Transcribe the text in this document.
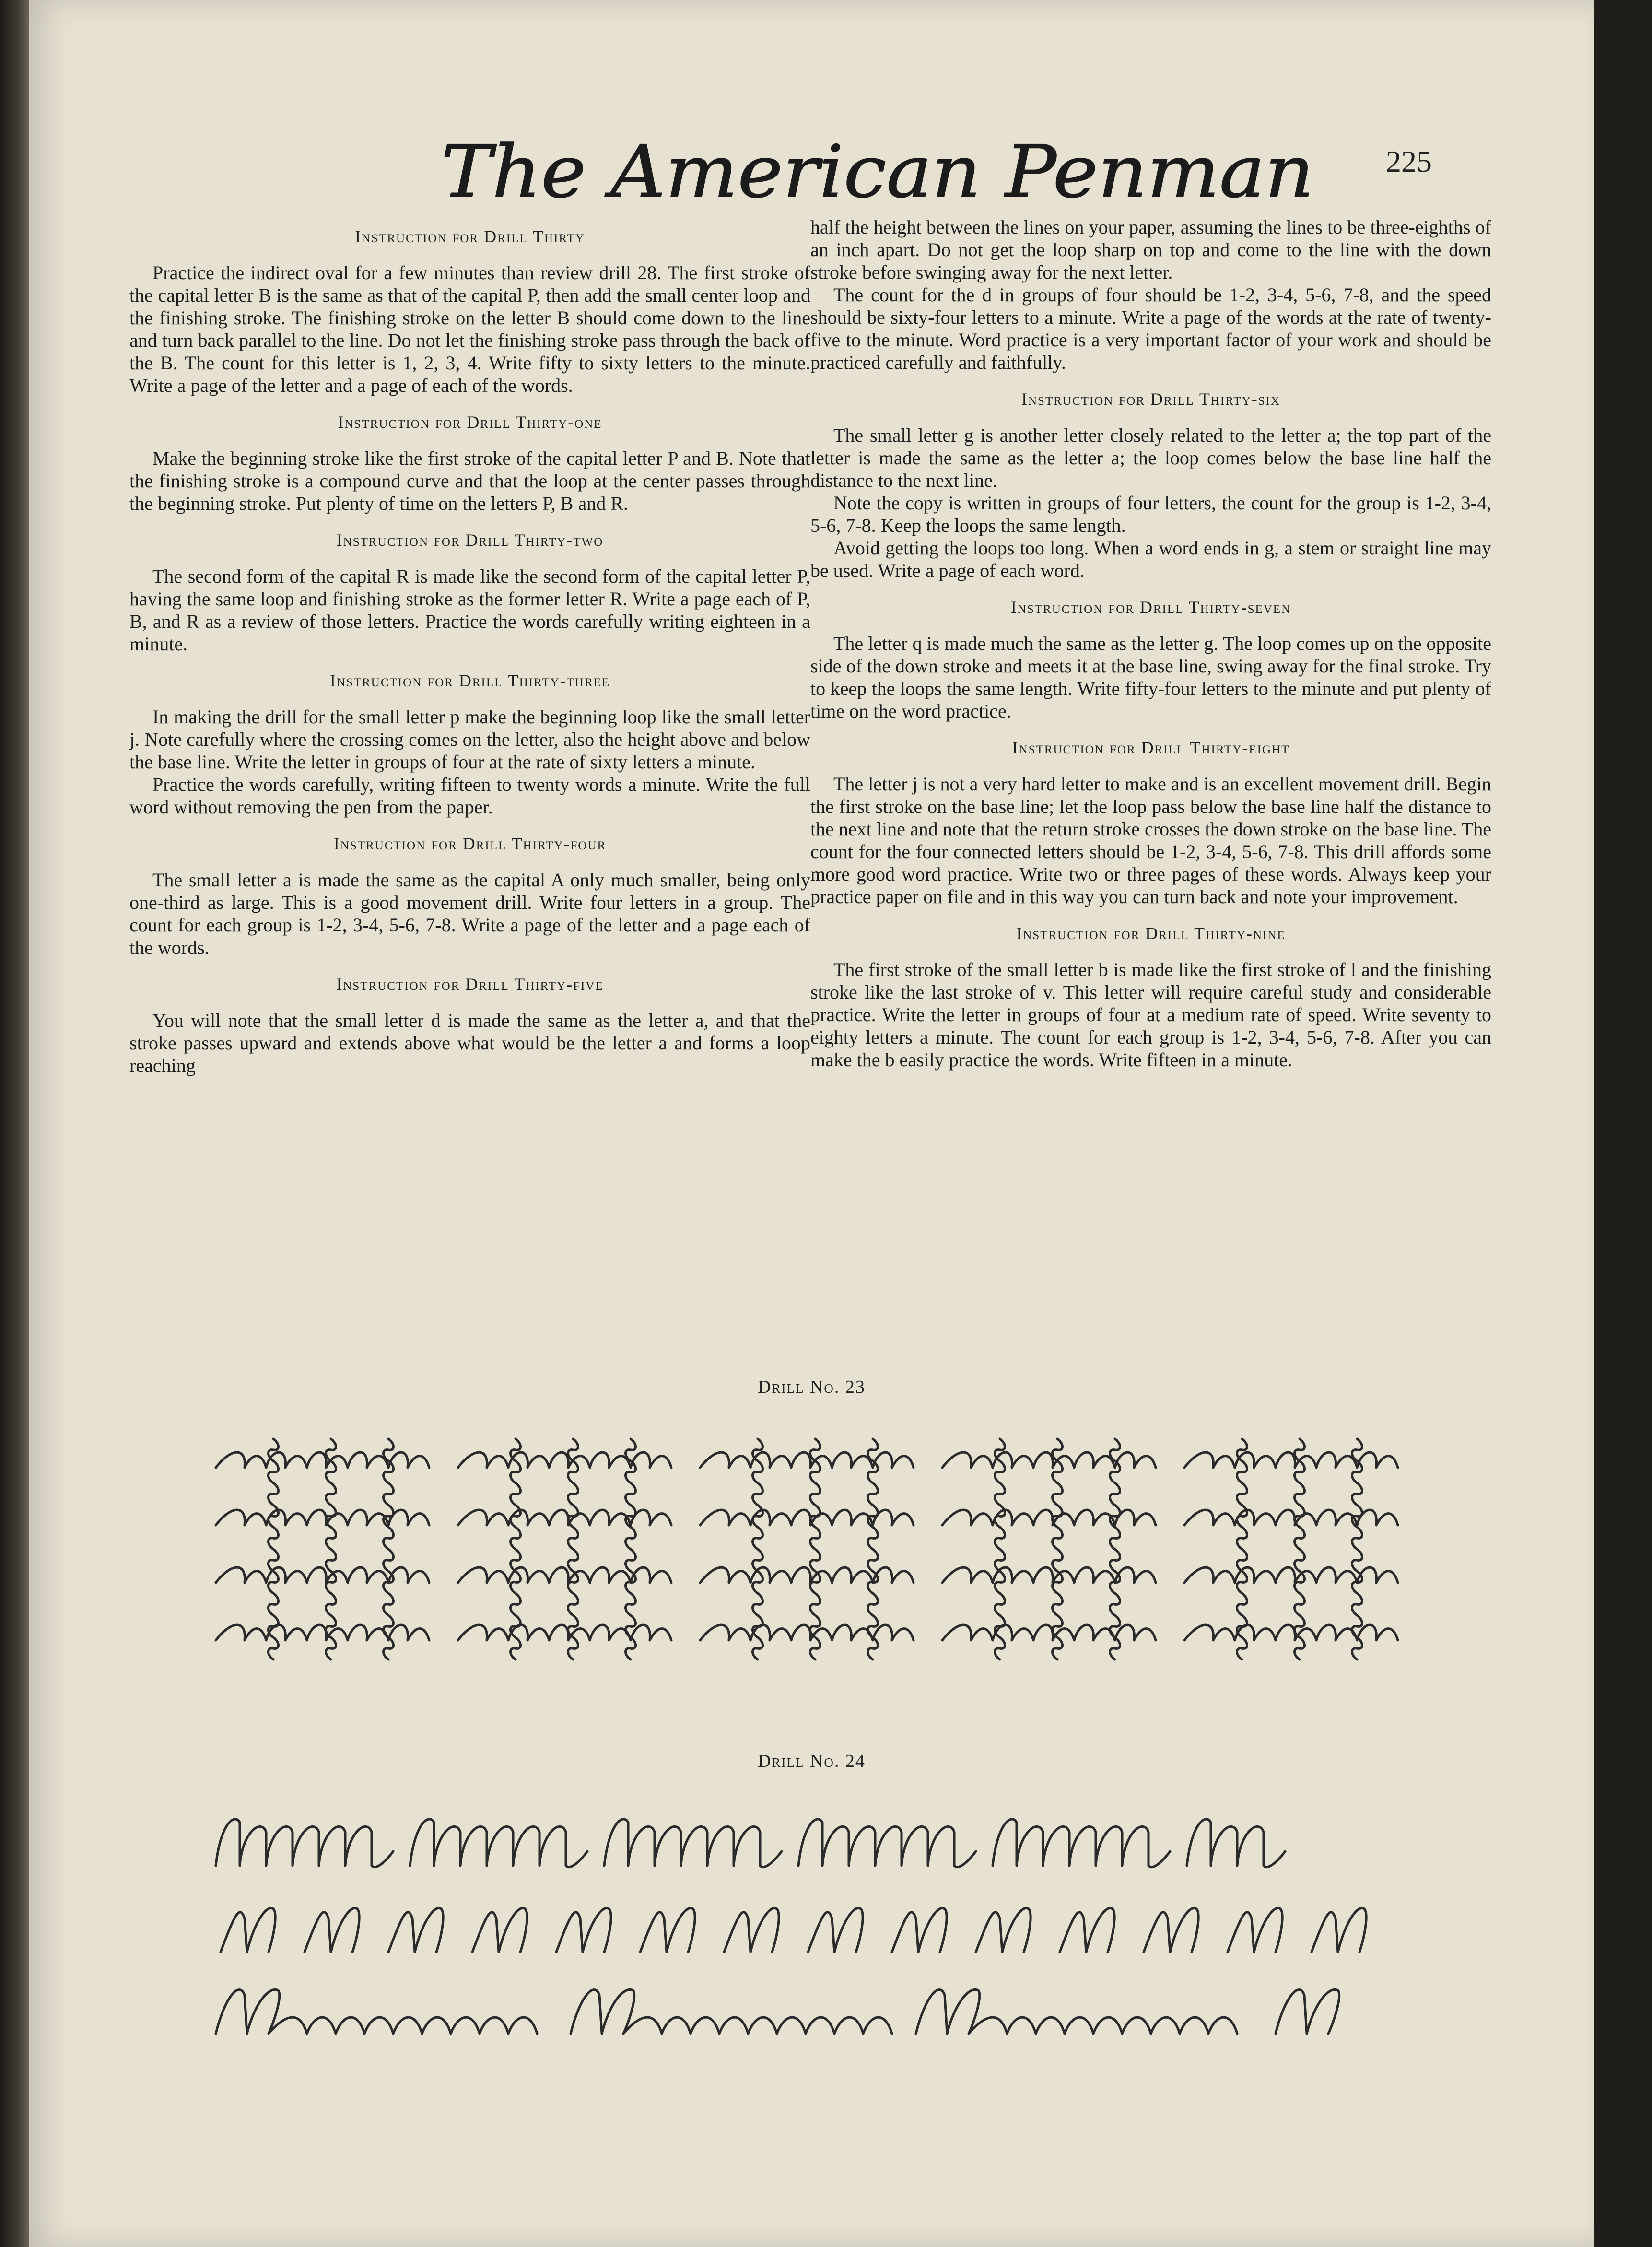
The American Penman 225
Instruction for Drill Thirty

Practice the indirect oval for a few minutes than review drill 28. The first stroke of the capital letter B is the same as that of the capital P, then add the small center loop and the finishing stroke. The finishing stroke on the letter B should come down to the line and turn back parallel to the line. Do not let the finishing stroke pass through the back of the B. The count for this letter is 1, 2, 3, 4. Write fifty to sixty letters to the minute. Write a page of the letter and a page of each of the words.

Instruction for Drill Thirty-one

Make the beginning stroke like the first stroke of the capital letter P and B. Note that the finishing stroke is a compound curve and that the loop at the center passes through the beginning stroke. Put plenty of time on the letters P, B and R.

Instruction for Drill Thirty-two

The second form of the capital R is made like the second form of the capital letter P, having the same loop and finishing stroke as the former letter R. Write a page each of P, B, and R as a review of those letters. Practice the words carefully writing eighteen in a minute.

Instruction for Drill Thirty-three

In making the drill for the small letter p make the beginning loop like the small letter j. Note carefully where the crossing comes on the letter, also the height above and below the base line. Write the letter in groups of four at the rate of sixty letters a minute.

Practice the words carefully, writing fifteen to twenty words a minute. Write the full word without removing the pen from the paper.

Instruction for Drill Thirty-four

The small letter a is made the same as the capital A only much smaller, being only one-third as large. This is a good movement drill. Write four letters in a group. The count for each group is 1-2, 3-4, 5-6, 7-8. Write a page of the letter and a page each of the words.

Instruction for Drill Thirty-five

You will note that the small letter d is made the same as the letter a, and that the stroke passes upward and extends above what would be the letter a and forms a loop reaching

half the height between the lines on your paper, assuming the lines to be three-eighths of an inch apart. Do not get the loop sharp on top and come to the line with the down stroke before swinging away for the next letter.

The count for the d in groups of four should be 1-2, 3-4, 5-6, 7-8, and the speed should be sixty-four letters to a minute. Write a page of the words at the rate of twenty-five to the minute. Word practice is a very important factor of your work and should be practiced carefully and faithfully.

Instruction for Drill Thirty-six

The small letter g is another letter closely related to the letter a; the top part of the letter is made the same as the letter a; the loop comes below the base line half the distance to the next line.

Note the copy is written in groups of four letters, the count for the group is 1-2, 3-4, 5-6, 7-8. Keep the loops the same length.

Avoid getting the loops too long. When a word ends in g, a stem or straight line may be used. Write a page of each word.

Instruction for Drill Thirty-seven

The letter q is made much the same as the letter g. The loop comes up on the opposite side of the down stroke and meets it at the base line, swing away for the final stroke. Try to keep the loops the same length. Write fifty-four letters to the minute and put plenty of time on the word practice.

Instruction for Drill Thirty-eight

The letter j is not a very hard letter to make and is an excellent movement drill. Begin the first stroke on the base line; let the loop pass below the base line half the distance to the next line and note that the return stroke crosses the down stroke on the base line. The count for the four connected letters should be 1-2, 3-4, 5-6, 7-8. This drill affords some more good word practice. Write two or three pages of these words. Always keep your practice paper on file and in this way you can turn back and note your improvement.

Instruction for Drill Thirty-nine

The first stroke of the small letter b is made like the first stroke of l and the finishing stroke like the last stroke of v. This letter will require careful study and considerable practice. Write the letter in groups of four at a medium rate of speed. Write seventy to eighty letters a minute. The count for each group is 1-2, 3-4, 5-6, 7-8. After you can make the b easily practice the words. Write fifteen in a minute.

Drill No. 23
Drill No. 24
